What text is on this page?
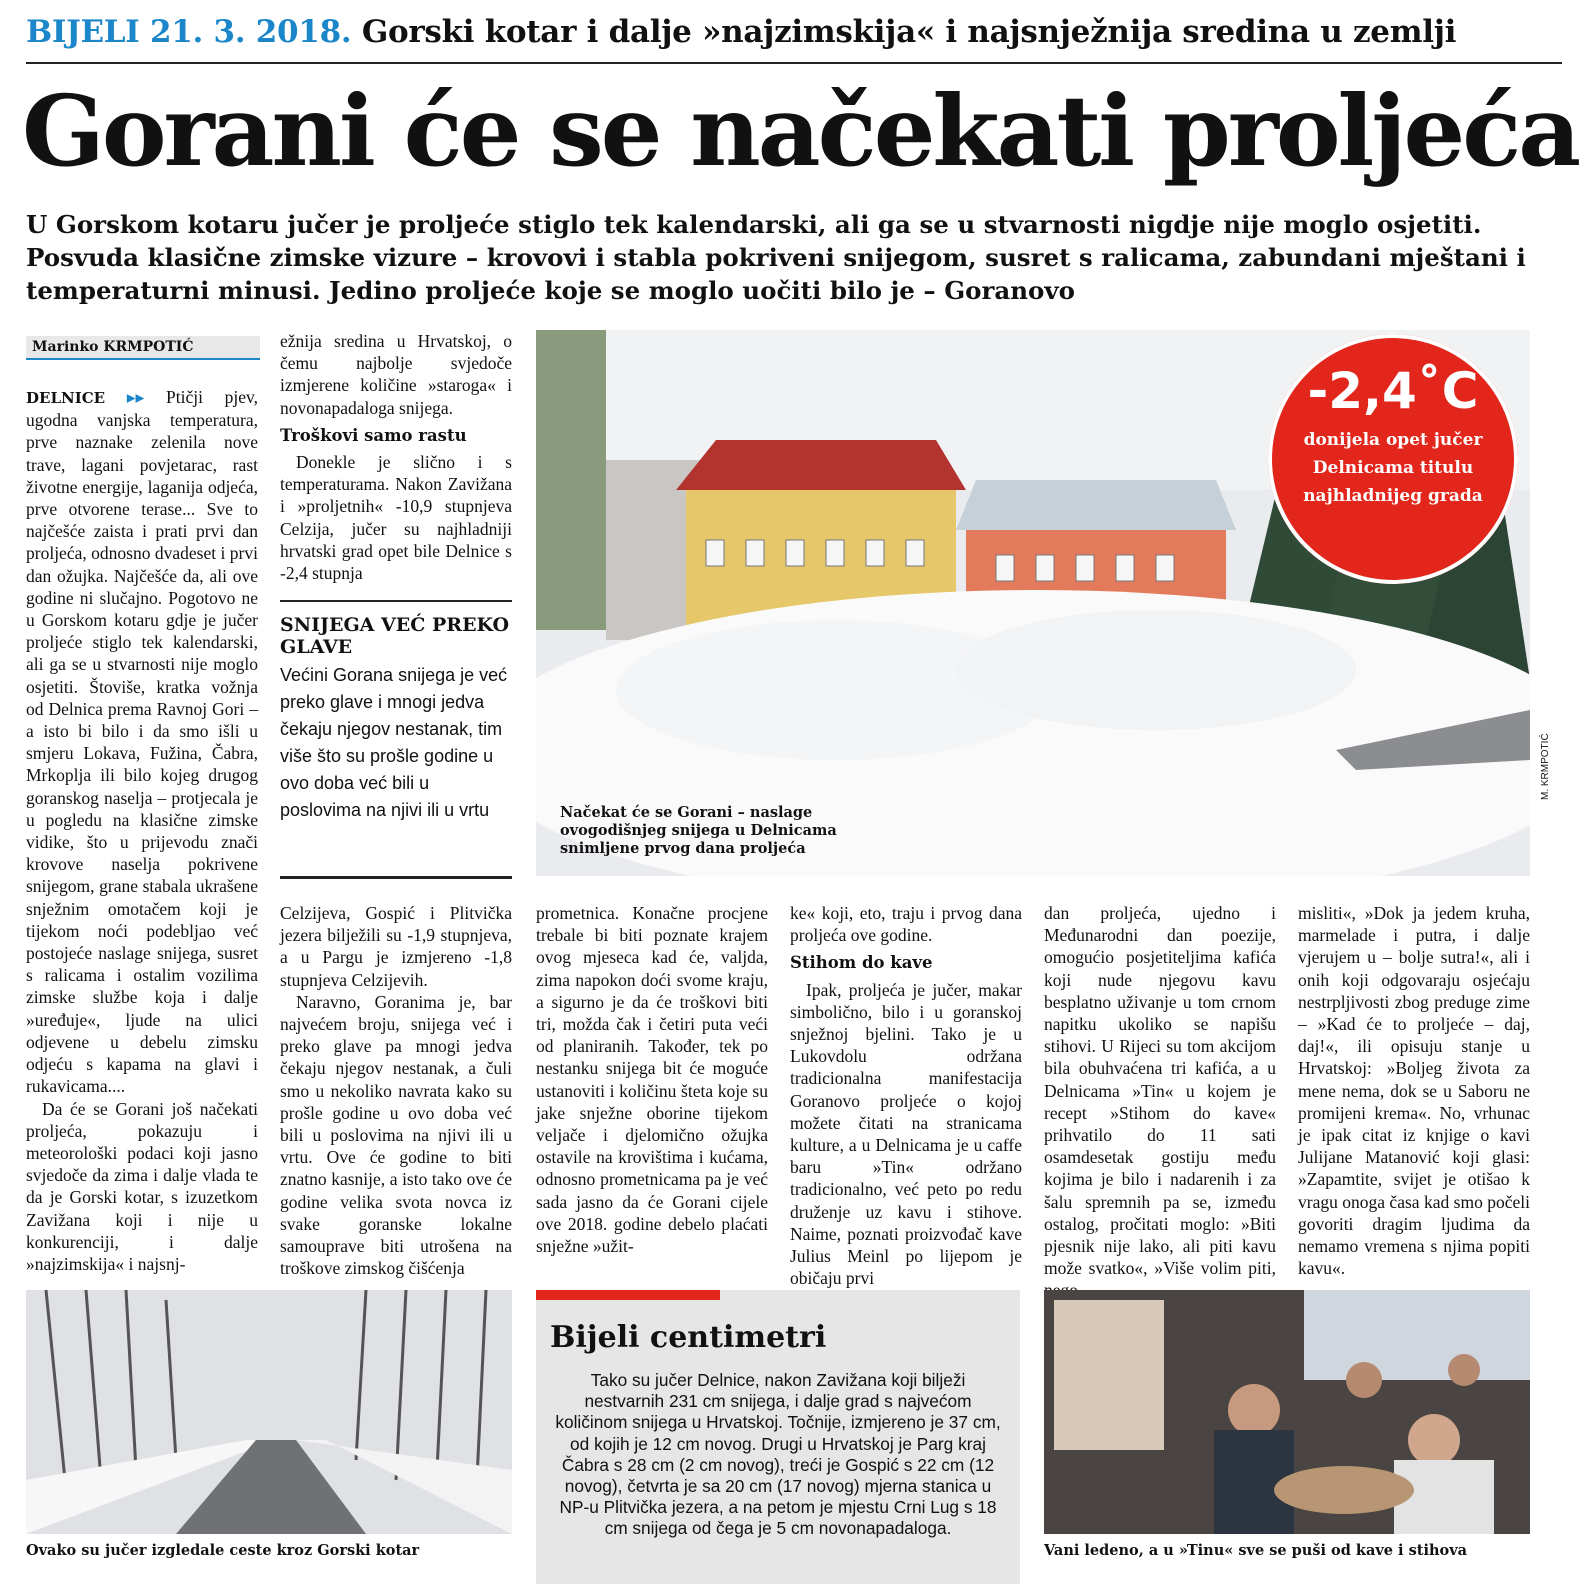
BIJELI 21. 3. 2018. Gorski kotar i dalje »najzimskija« i najsnježnija sredina u zemlji
Gorani će se načekati proljeća
U Gorskom kotaru jučer je proljeće stiglo tek kalendarski, ali ga se u stvarnosti nigdje nije moglo osjetiti. Posvuda klasične zimske vizure – krovovi i stabla pokriveni snijegom, susret s ralicama, zabundani mještani i temperaturni minusi. Jedino proljeće koje se moglo uočiti bilo je – Goranovo
Marinko KRMPOTIĆ

DELNICE ▸▸ Ptičji pjev, ugodna vanjska temperatura, prve naznake zelenila nove trave, lagani povjetarac, rast životne energije, laganija odjeća, prve otvorene terase... Sve to najčešće zaista i prati prvi dan proljeća, odnosno dvadeset i prvi dan ožujka. Najčešće da, ali ove godine ni slučajno. Pogotovo ne u Gorskom kotaru gdje je jučer proljeće stiglo tek kalendarski, ali ga se u stvarnosti nije moglo osjetiti. Štoviše, kratka vožnja od Delnica prema Ravnoj Gori – a isto bi bilo i da smo išli u smjeru Lokava, Fužina, Čabra, Mrkoplja ili bilo kojeg drugog goranskog naselja – protjecala je u pogledu na klasične zimske vidike, što u prijevodu znači krovove naselja pokrivene snijegom, grane stabala ukrašene snježnim omotačem koji je tijekom noći podebljao već postojeće naslage snijega, susret s ralicama i ostalim vozilima zimske službe koja i dalje »uređuje«, ljude na ulici odjevene u debelu zimsku odjeću s kapama na glavi i rukavicama....

Da će se Gorani još načekati proljeća, pokazuju i meteorološki podaci koji jasno svjedoče da zima i dalje vlada te da je Gorski kotar, s izuzetkom Zavižana koji i nije u konkurenciji, i dalje »najzimskija« i najsnj-

ežnija sredina u Hrvatskoj, o čemu najbolje svjedoče izmjerene količine »staroga« i novonapadaloga snijega.

Troškovi samo rastu

Donekle je slično i s temperaturama. Nakon Zavižana i »proljetnih« -10,9 stupnjeva Celzija, jučer su najhladniji hrvatski grad opet bile Delnice s -2,4 stupnja

SNIJEGA VEĆ PREKO GLAVE
Većini Gorana snijega je već preko glave i mnogi jedva čekaju njegov nestanak, tim više što su prošle godine u ovo doba već bili u poslovima na njivi ili u vrtu

Celzijeva, Gospić i Plitvička jezera bilježili su -1,9 stupnjeva, a u Pargu je izmjereno -1,8 stupnjeva Celzijevih.

Naravno, Goranima je, bar najvećem broju, snijega već i preko glave pa mnogi jedva čekaju njegov nestanak, a čuli smo u nekoliko navrata kako su prošle godine u ovo doba već bili u poslovima na njivi ili u vrtu. Ove će godine to biti znatno kasnije, a isto tako ove će godine velika svota novca iz svake goranske lokalne samouprave biti utrošena na troškove zimskog čišćenja

Načekat će se Gorani – naslage ovogodišnjeg snijega u Delnicama snimljene prvog dana proljeća
M. KRMPOTIĆ
-2,4˚C
donijela opet jučer Delnicama titulu najhladnijeg grada

prometnica. Konačne procjene trebale bi biti poznate krajem ovog mjeseca kad će, valjda, zima napokon doći svome kraju, a sigurno je da će troškovi biti tri, možda čak i četiri puta veći od planiranih. Također, tek po nestanku snijega bit će moguće ustanoviti i količinu šteta koje su jake snježne oborine tijekom veljače i djelomično ožujka ostavile na krovištima i kućama, odnosno prometnicama pa je već sada jasno da će Gorani cijele ove 2018. godine debelo plaćati snježne »užit-

ke« koji, eto, traju i prvog dana proljeća ove godine.

Stihom do kave

Ipak, proljeća je jučer, makar simbolično, bilo i u goranskoj snježnoj bjelini. Tako je u Lukovdolu održana tradicionalna manifestacija Goranovo proljeće o kojoj možete čitati na stranicama kulture, a u Delnicama je u caffe baru »Tin« održano tradicionalno, već peto po redu druženje uz kavu i stihove. Naime, poznati proizvođač kave Julius Meinl po lijepom je običaju prvi

dan proljeća, ujedno i Međunarodni dan poezije, omogućio posjetiteljima kafića koji nude njegovu kavu besplatno uživanje u tom crnom napitku ukoliko se napišu stihovi. U Rijeci su tom akcijom bila obuhvaćena tri kafića, a u Delnicama »Tin« u kojem je recept »Stihom do kave« prihvatilo do 11 sati osamdesetak gostiju među kojima je bilo i nadarenih i za šalu spremnih pa se, između ostalog, pročitati moglo: »Biti pjesnik nije lako, ali piti kavu može svatko«, »Više volim piti,

misliti«, »Dok ja jedem kruha, marmelade i putra, i dalje vjerujem u – bolje sutra!«, ali i onih koji odgovaraju osjećaju nestrpljivosti zbog preduge zime – »Kad će to proljeće – daj, daj!«, ili opisuju stanje u Hrvatskoj: »Boljeg života za mene nema, dok se u Saboru ne promijeni krema«. No, vrhunac je ipak citat iz knjige o kavi Julijane Matanović koji glasi: »Zapamtite, svijet je otišao k vragu onoga časa kad smo počeli govoriti dragim ljudima da nemamo vremena s njima popiti kavu«.

Ovako su jučer izgledale ceste kroz Gorski kotar
Bijeli centimetri
Tako su jučer Delnice, nakon Zavižana koji bilježi nestvarnih 231 cm snijega, i dalje grad s najvećom količinom snijega u Hrvatskoj. Točnije, izmjereno je 37 cm, od kojih je 12 cm novog. Drugi u Hrvatskoj je Parg kraj Čabra s 28 cm (2 cm novog), treći je Gospić s 22 cm (12 novog), četvrta je sa 20 cm (17 novog) mjerna stanica u NP-u Plitvička jezera, a na petom je mjestu Crni Lug s 18 cm snijega od čega je 5 cm novonapadaloga.
Vani ledeno, a u »Tinu« sve se puši od kave i stihova
